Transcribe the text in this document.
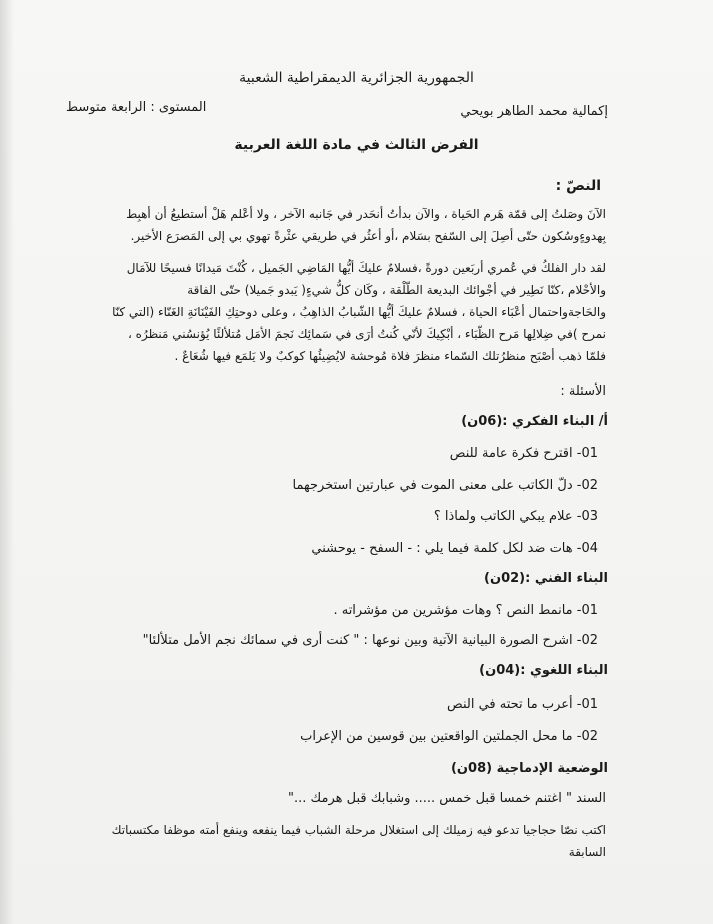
الجمهورية الجزائرية الديمقراطية الشعبية
إكمالية محمد الطاهر بويحي
المستوى : الرابعة متوسط
الفرض الثالث في مادة اللغة العربية
النصّ :
الآنَ وصَلتُ إلى قمّة هَرم الحَياة ، والآن بدأتُ أنحَدر في جَانبه الآخر ، ولا أعْلم هَلْ أستطيعُ أن أهبِط
بِهدوءٍوسُكون حتّى أصِلَ إلى السّفح بسَلام ،أو أعثُر في طريقي عثْرةً تهوي بي إلى المَصرَع الأخير.
لقد دار الفلكُ في عُمري أربَعين دورةً ،فسلامٌ عليكَ أيُّها المَاضِي الجَميل ، كُنْتَ مَيدانًا فسيحًا للآمَال
والأحْلام ،كنّا نَطِير في أجْوائك البديعة الطّلْقة ، وكَان كلُّ شيءٍ( يَبدو جَميلا) حتّى الفاقة
والحَاجةواحتمال أعْبَاء الحياة ، فسلامٌ عليكَ أيُّها الشّبابُ الذاهِبُ ، وعلى دوحتِكِ الفَيْنَانَةِ الغَنّاء (التي كنّا
نمرح )في ضِلالِها مَرح الظّبَاء ، أبْكِيكَ لأنّي كُنتُ أرَى في سَمائِك نَجمَ الأمَل مُتلألئًا يُؤنسُني مَنظرُه ،
فلمّا ذهب أصْبَح منظرُتلك السّماء منظرَ فلاة مُوحشة لايُضِيئُها كوكبٌ ولا يَلمَع فيها شُعَاعٌ .
الأسئلة :
أ/ البناء الفكري :(06ن)
01- اقترح فكرة عامة للنص
02- دلّ الكاتب على معنى الموت في عبارتين استخرجهما
03- علام يبكي الكاتب ولماذا ؟
04- هات ضد لكل كلمة فيما يلي : - السفح - يوحشني
البناء الفني :(02ن)
01- مانمط النص ؟ وهات مؤشرين من مؤشراته .
02- اشرح الصورة البيانية الآتية وبين نوعها : " كنت أرى في سمائك نجم الأمل متلألئا"
البناء اللغوي :(04ن)
01- أعرب ما تحته في النص
02- ما محل الجملتين الواقعتين بين قوسين من الإعراب
الوضعية الإدماجية (08ن)
السند " اغتنم خمسا قبل خمس ..... وشبابك قبل هرمك ..."
اكتب نصّا حجاجيا تدعو فيه زميلك إلى استغلال مرحلة الشباب فيما ينفعه وينفع أمته موظفا مكتسباتك
السابقة
